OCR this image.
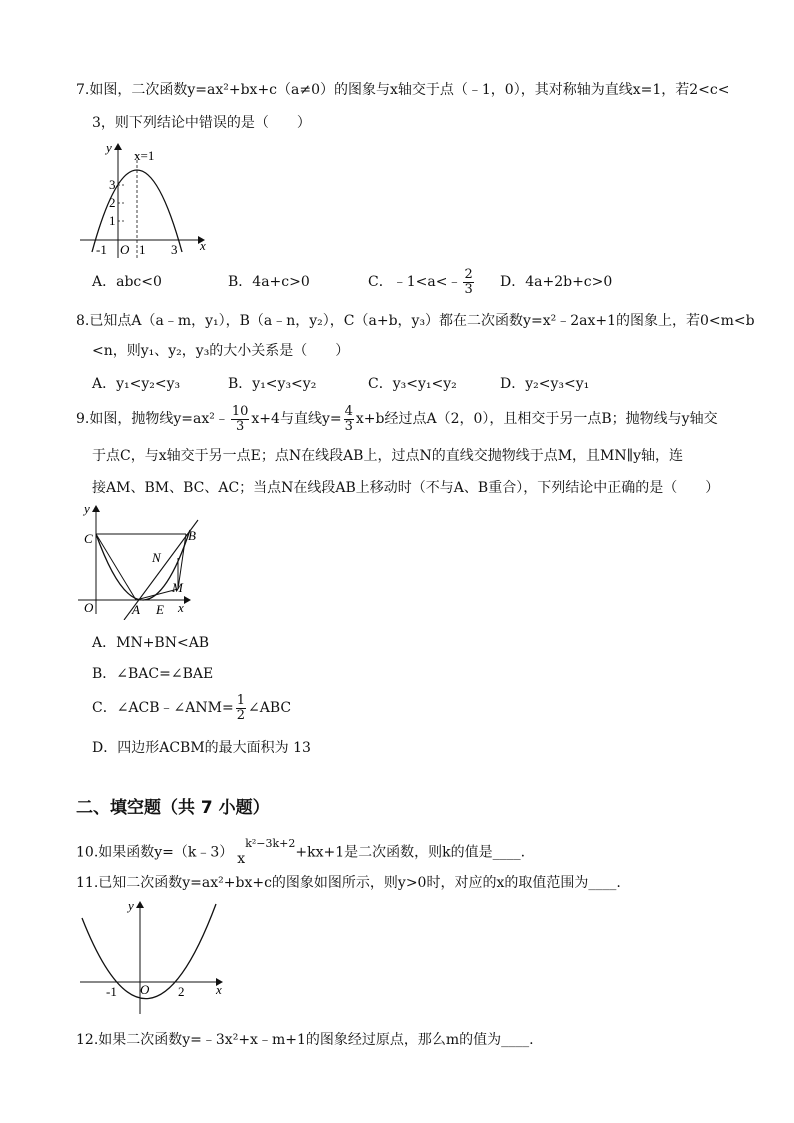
7.如图，二次函数y=ax²+bx+c（a≠0）的图象与x轴交于点（﹣1，0），其对称轴为直线x=1，若2<c<
3，则下列结论中错误的是（　　）
y
x=1
3
2
1
-1 O 1 3 x
A．abc<0	B．4a+c>0	C．﹣1<a<﹣ $\frac{2}{3}$ D．4a+2b+c>0
8.已知点A（a﹣m，y₁），B（a﹣n，y₂），C（a+b，y₃）都在二次函数y=x²﹣2ax+1的图象上，若0<m<b
<n，则y₁、y₂，y₃的大小关系是（　　）
A．y₁<y₂<y₃	B．y₁<y₃<y₂	C．y₃<y₁<y₂	D．y₂<y₃<y₁
9.如图，抛物线y=ax²﹣ $\frac{10}{3} x+4$与直线$y= \frac{4}{3} x+b$经过点A（2，0），且相交于另一点B；抛物线与y轴交
于点C，与x轴交于另一点E；点N在线段AB上，过点N的直线交抛物线于点M，且MN∥y轴，连
接AM、BM、BC、AC；当点N在线段AB上移动时（不与A、B重合），下列结论中正确的是（　　）
y
C	B
N
M
O	A E x
A．MN+BN<AB
B．∠BAC=∠BAE
C．∠ACB﹣∠ANM= $\frac{1}{2}$ ∠ABC
D．四边形ACBM的最大面积为 13
二、填空题（共 7 小题）
10.如果函数y=（k﹣3） $x^{k^2-3k+2}+kx+1$是二次函数，则k的值是____.
11.已知二次函数y=ax²+bx+c的图象如图所示，则y>0时，对应的x的取值范围为____.
y
-1 O 2 x
12.如果二次函数y=﹣3x²+x﹣m+1的图象经过原点，那么m的值为____.
